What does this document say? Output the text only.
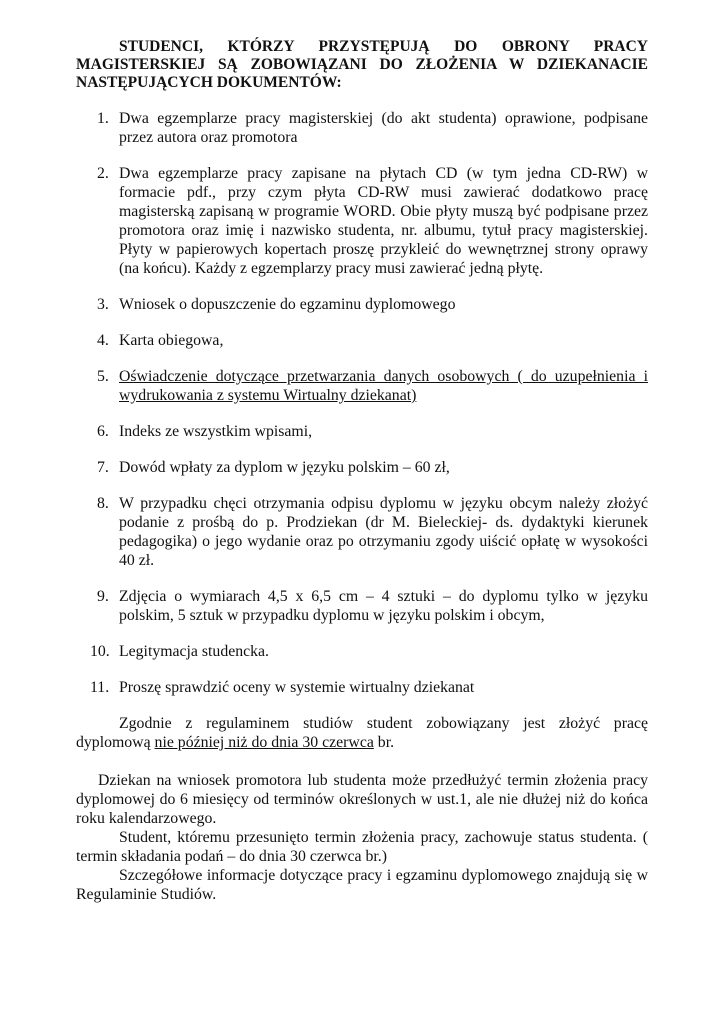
STUDENCI, KTÓRZY PRZYSTĘPUJĄ DO OBRONY PRACY MAGISTERSKIEJ SĄ ZOBOWIĄZANI DO ZŁOŻENIA W DZIEKANACIE NASTĘPUJĄCYCH DOKUMENTÓW:

1. Dwa egzemplarze pracy magisterskiej (do akt studenta) oprawione, podpisane przez autora oraz promotora
2. Dwa egzemplarze pracy zapisane na płytach CD (w tym jedna CD-RW) w formacie pdf., przy czym płyta CD-RW musi zawierać dodatkowo pracę magisterską zapisaną w programie WORD. Obie płyty muszą być podpisane przez promotora oraz imię i nazwisko studenta, nr. albumu, tytuł pracy magisterskiej. Płyty w papierowych kopertach proszę przykleić do wewnętrznej strony oprawy (na końcu). Każdy z egzemplarzy pracy musi zawierać jedną płytę.
3. Wniosek o dopuszczenie do egzaminu dyplomowego
4. Karta obiegowa,
5. Oświadczenie dotyczące przetwarzania danych osobowych ( do uzupełnienia i wydrukowania z systemu Wirtualny dziekanat)
6. Indeks ze wszystkim wpisami,
7. Dowód wpłaty za dyplom w języku polskim – 60 zł,
8. W przypadku chęci otrzymania odpisu dyplomu w języku obcym należy złożyć podanie z prośbą do p. Prodziekan (dr M. Bieleckiej- ds. dydaktyki kierunek pedagogika) o jego wydanie oraz po otrzymaniu zgody uiścić opłatę w wysokości 40 zł.
9. Zdjęcia o wymiarach 4,5 x 6,5 cm – 4 sztuki – do dyplomu tylko w języku polskim, 5 sztuk w przypadku dyplomu w języku polskim i obcym,
10. Legitymacja studencka.
11. Proszę sprawdzić oceny w systemie wirtualny dziekanat

Zgodnie z regulaminem studiów student zobowiązany jest złożyć pracę dyplomową nie później niż do dnia 30 czerwca br.

Dziekan na wniosek promotora lub studenta może przedłużyć termin złożenia pracy dyplomowej do 6 miesięcy od terminów określonych w ust.1, ale nie dłużej niż do końca roku kalendarzowego.

Student, któremu przesunięto termin złożenia pracy, zachowuje status studenta. ( termin składania podań – do dnia 30 czerwca br.)

Szczegółowe informacje dotyczące pracy i egzaminu dyplomowego znajdują się w Regulaminie Studiów.
